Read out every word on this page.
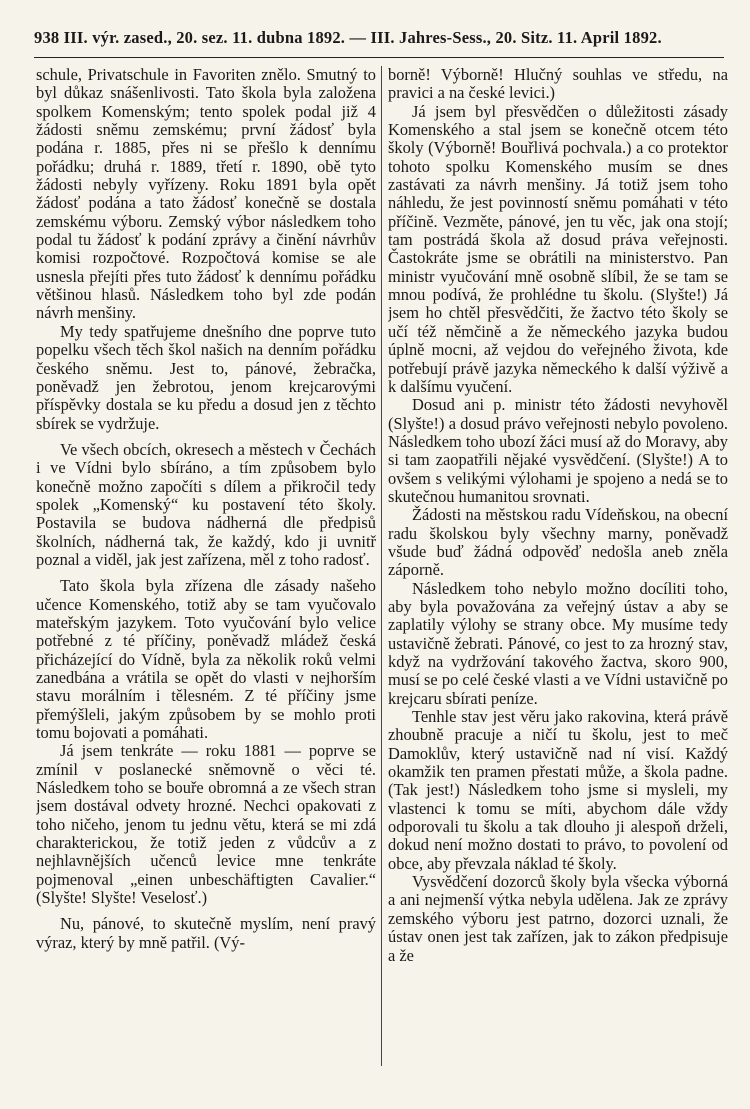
938 III. výr. zased., 20. sez. 11. dubna 1892. — III. Jahres-Sess., 20. Sitz. 11. April 1892.

schule, Privatschule in Favoriten znělo. Smutný to byl důkaz snášenlivosti. Tato škola byla založena spolkem Komenským; tento spolek podal již 4 žádosti sněmu zemskému; první žádosť byla podána r. 1885, přes ni se přešlo k dennímu pořádku; druhá r. 1889, třetí r. 1890, obě tyto žádosti nebyly vyřízeny. Roku 1891 byla opět žádosť podána a tato žádosť konečně se dostala zemskému výboru. Zemský výbor následkem toho podal tu žádosť k podání zprávy a činění návrhův komisi rozpočtové. Rozpočtová komise se ale usnesla přejíti přes tuto žádosť k dennímu pořádku většinou hlasů. Následkem toho byl zde podán návrh menšiny.

My tedy spatřujeme dnešního dne poprve tuto popelku všech těch škol našich na denním pořádku českého sněmu. Jest to, pánové, žebračka, poněvadž jen žebrotou, jenom krejcarovými příspěvky dostala se ku předu a dosud jen z těchto sbírek se vydržuje.

Ve všech obcích, okresech a městech v Čechách i ve Vídni bylo sbíráno, a tím způsobem bylo konečně možno započíti s dílem a přikročil tedy spolek „Komenský“ ku postavení této školy. Postavila se budova nádherná dle předpisů školních, nádherná tak, že každý, kdo ji uvnitř poznal a viděl, jak jest zařízena, měl z toho radosť.

Tato škola byla zřízena dle zásady našeho učence Komenského, totiž aby se tam vyučovalo mateřským jazykem. Toto vyučování bylo velice potřebné z té příčiny, poněvadž mládež česká přicházející do Vídně, byla za několik roků velmi zanedbána a vrátila se opět do vlasti v nejhorším stavu morálním i tělesném. Z té příčiny jsme přemýšleli, jakým způsobem by se mohlo proti tomu bojovati a pomáhati.

Já jsem tenkráte — roku 1881 — poprve se zmínil v poslanecké sněmovně o věci té. Následkem toho se bouře obromná a ze všech stran jsem dostával odvety hrozné. Nechci opakovati z toho ničeho, jenom tu jednu větu, která se mi zdá charakterickou, že totiž jeden z vůdcův a z nejhlavnějších učenců levice mne tenkráte pojmenoval „einen unbeschäftigten Cavalier.“ (Slyšte! Slyšte! Veselosť.)

Nu, pánové, to skutečně myslím, není pravý výraz, který by mně patřil. (Vý-

borně! Výborně! Hlučný souhlas ve středu, na pravici a na české levici.)

Já jsem byl přesvědčen o důležitosti zásady Komenského a stal jsem se konečně otcem této školy (Výborně! Bouřlivá pochvala.) a co protektor tohoto spolku Komenského musím se dnes zastávati za návrh menšiny. Já totiž jsem toho náhledu, že jest povinností sněmu pomáhati v této příčině. Vezměte, pánové, jen tu věc, jak ona stojí; tam postrádá škola až dosud práva veřejnosti. Častokráte jsme se obrátili na ministerstvo. Pan ministr vyučování mně osobně slíbil, že se tam se mnou podívá, že prohlédne tu školu. (Slyšte!) Já jsem ho chtěl přesvědčiti, že žactvo této školy se učí též němčině a že německého jazyka budou úplně mocni, až vejdou do veřejného života, kde potřebují právě jazyka německého k další výživě a k dalšímu vyučení.

Dosud ani p. ministr této žádosti nevyhověl (Slyšte!) a dosud právo veřejnosti nebylo povoleno. Následkem toho ubozí žáci musí až do Moravy, aby si tam zaopatřili nějaké vysvědčení. (Slyšte!) A to ovšem s velikými výlohami je spojeno a nedá se to skutečnou humanitou srovnati.

Žádosti na městskou radu Vídeňskou, na obecní radu školskou byly všechny marny, poněvadž všude buď žádná odpověď nedošla aneb zněla záporně.

Následkem toho nebylo možno docíliti toho, aby byla považována za veřejný ústav a aby se zaplatily výlohy se strany obce. My musíme tedy ustavičně žebrati. Pánové, co jest to za hrozný stav, když na vydržování takového žactva, skoro 900, musí se po celé české vlasti a ve Vídni ustavičně po krejcaru sbírati peníze.

Tenhle stav jest věru jako rakovina, která právě zhoubně pracuje a ničí tu školu, jest to meč Damoklův, který ustavičně nad ní visí. Každý okamžik ten pramen přestati může, a škola padne. (Tak jest!) Následkem toho jsme si mysleli, my vlastenci k tomu se míti, abychom dále vždy odporovali tu školu a tak dlouho ji alespoň drželi, dokud není možno dostati to právo, to povolení od obce, aby převzala náklad té školy.

Vysvědčení dozorců školy byla všecka výborná a ani nejmenší výtka nebyla udělena. Jak ze zprávy zemského výboru jest patrno, dozorci uznali, že ústav onen jest tak zařízen, jak to zákon předpisuje a že
